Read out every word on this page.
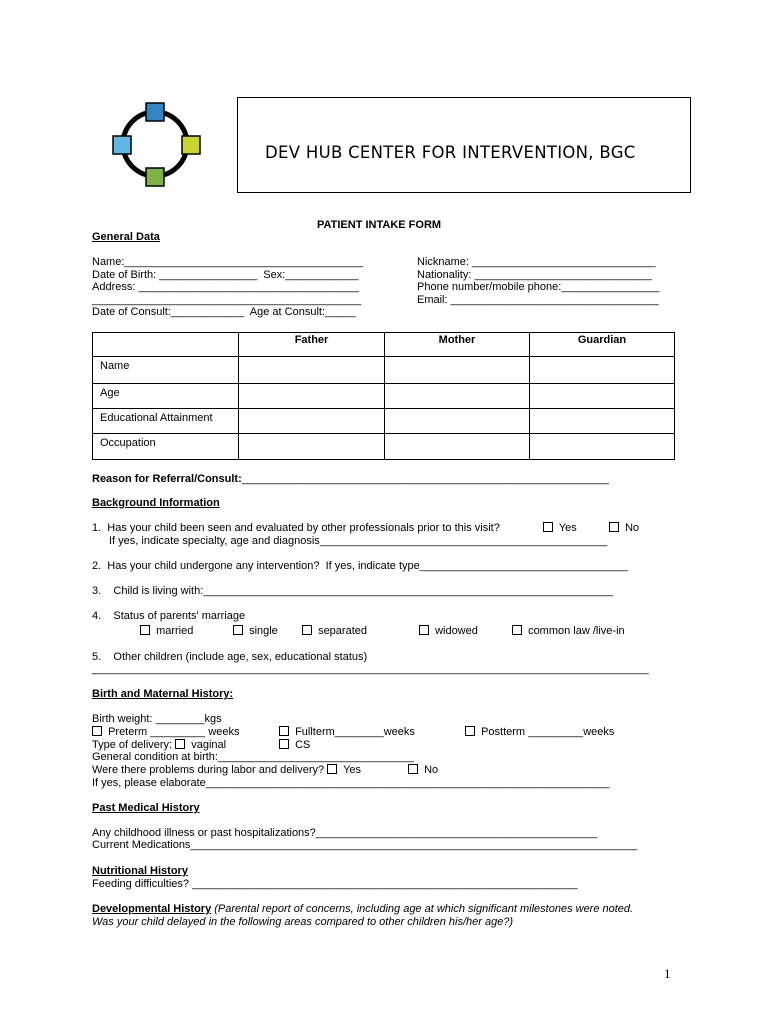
DEV HUB CENTER FOR INTERVENTION, BGC
PATIENT INTAKE FORM
General Data
Name:_______________________________________
Date of Birth: ________________  Sex:____________
Address: ____________________________________
____________________________________________
Date of Consult:____________  Age at Consult:_____
Nickname: ______________________________
Nationality: _____________________________
Phone number/mobile phone:________________
Email: __________________________________
	Father	Mother	Guardian
Name			
Age			
Educational Attainment			
Occupation			
Reason for Referral/Consult:____________________________________________________________
Background Information
1.  Has your child been seen and evaluated by other professionals prior to this visit?	Yes	No
If yes, indicate specialty, age and diagnosis_______________________________________________
2.  Has your child undergone any intervention?  If yes, indicate type__________________________________
3.    Child is living with:___________________________________________________________________
4.    Status of parents' marriage
married	single	separated	widowed	common law /live-in
5.    Other children (include age, sex, educational status)
___________________________________________________________________________________________
Birth and Maternal History:
Birth weight: ________kgs
Preterm _________ weeks	Fullterm________weeks	Postterm _________weeks
Type of delivery: vaginal	CS
General condition at birth:________________________________
Were there problems during labor and delivery? Yes	No
If yes, please elaborate__________________________________________________________________
Past Medical History
Any childhood illness or past hospitalizations?______________________________________________
Current Medications_________________________________________________________________________
Nutritional History
Feeding difficulties? _______________________________________________________________
Developmental History (Parental report of concerns, including age at which significant milestones were noted.
Was your child delayed in the following areas compared to other children his/her age?)
1
